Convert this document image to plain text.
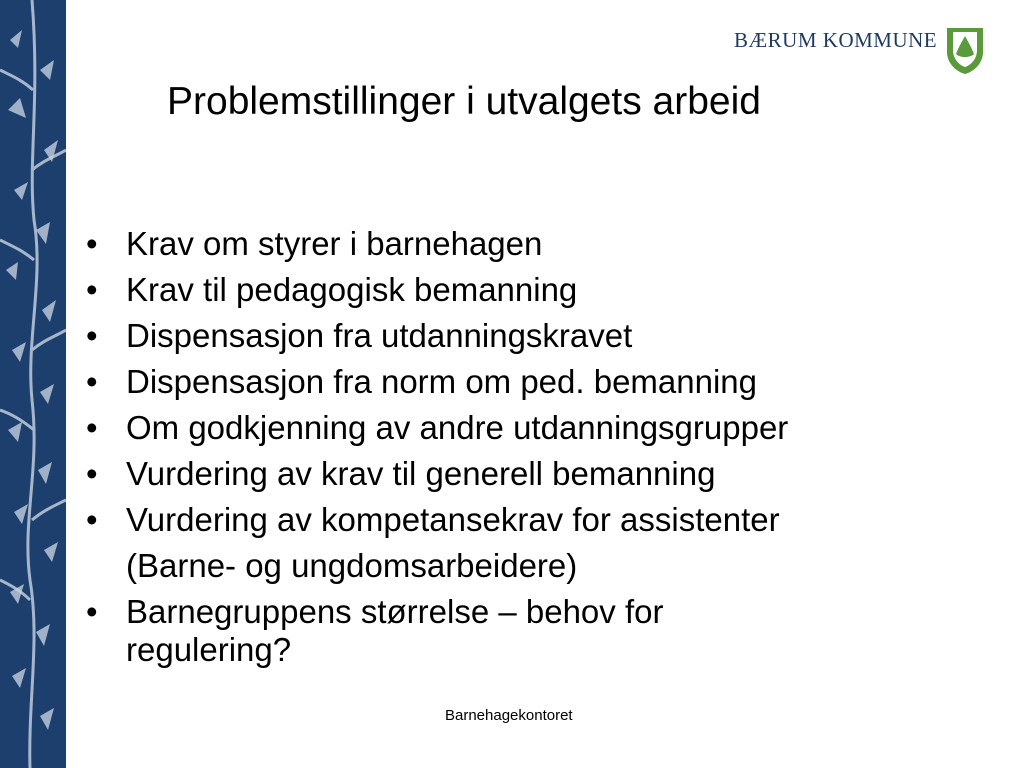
BÆRUM KOMMUNE
Problemstillinger i utvalgets arbeid
• Krav om styrer i barnehagen
• Krav til pedagogisk bemanning
• Dispensasjon fra utdanningskravet
• Dispensasjon fra norm om ped. bemanning
• Om godkjenning av andre utdanningsgrupper
• Vurdering av krav til generell bemanning
• Vurdering av kompetansekrav for assistenter
(Barne- og ungdomsarbeidere)
• Barnegruppens størrelse – behov for
regulering?
Barnehagekontoret
